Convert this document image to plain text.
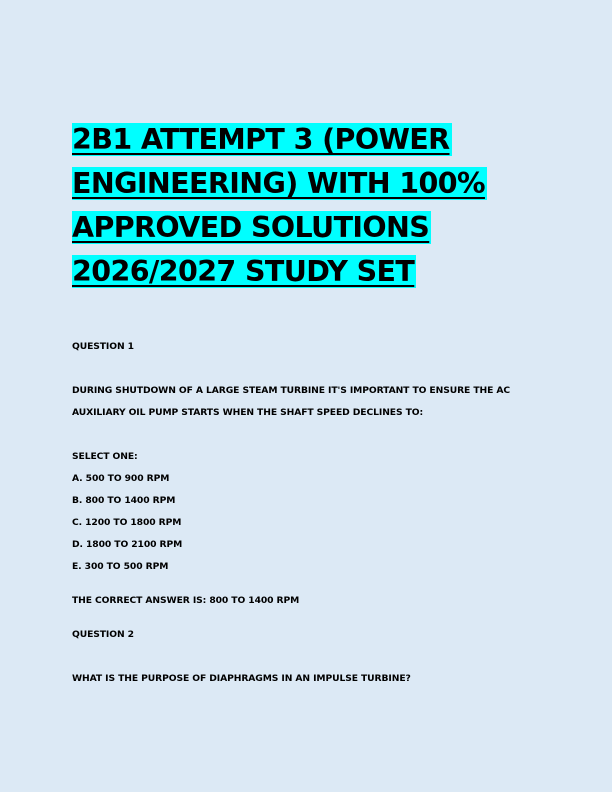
2B1 ATTEMPT 3 (POWER
ENGINEERING) WITH 100%
APPROVED SOLUTIONS
2026/2027 STUDY SET
QUESTION 1
DURING SHUTDOWN OF A LARGE STEAM TURBINE IT'S IMPORTANT TO ENSURE THE AC
AUXILIARY OIL PUMP STARTS WHEN THE SHAFT SPEED DECLINES TO:
SELECT ONE:
A. 500 TO 900 RPM
B. 800 TO 1400 RPM
C. 1200 TO 1800 RPM
D. 1800 TO 2100 RPM
E. 300 TO 500 RPM
THE CORRECT ANSWER IS: 800 TO 1400 RPM
QUESTION 2
WHAT IS THE PURPOSE OF DIAPHRAGMS IN AN IMPULSE TURBINE?
